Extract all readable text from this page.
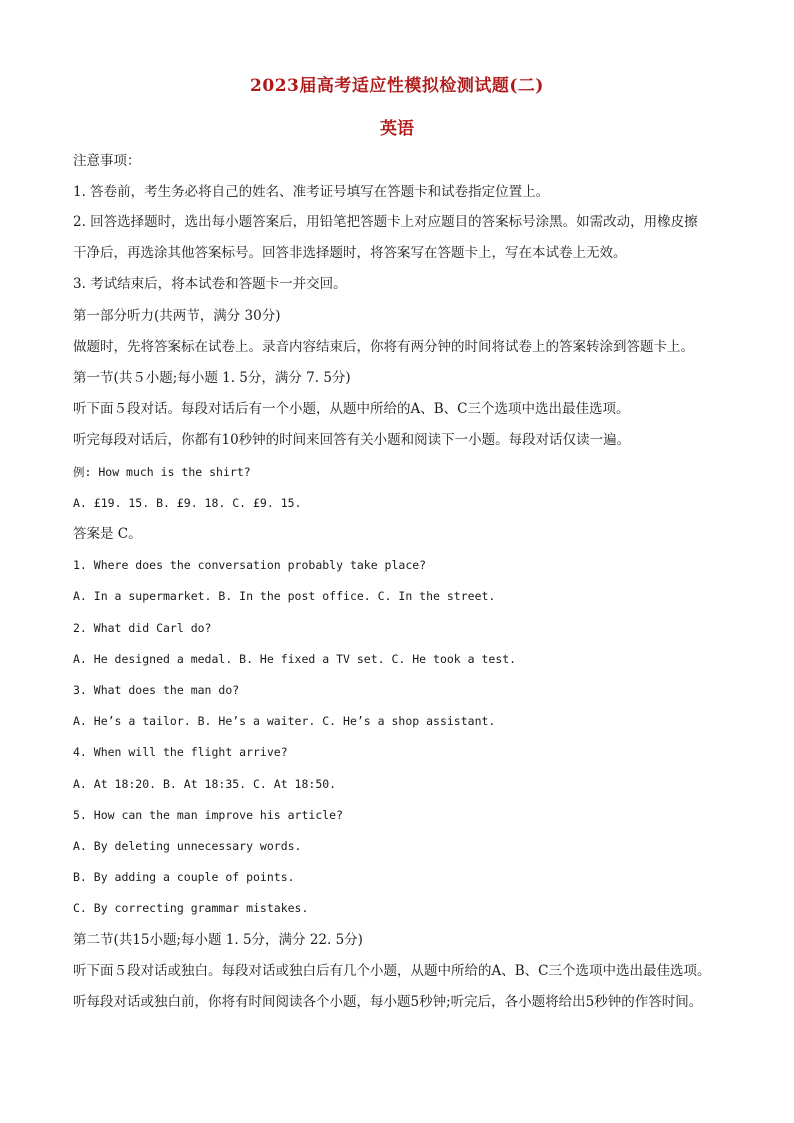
2023届高考适应性模拟检测试题(二)
英语
注意事项：
1. 答卷前，考生务必将自己的姓名、准考证号填写在答题卡和试卷指定位置上。
2. 回答选择题时，选出每小题答案后，用铅笔把答题卡上对应题目的答案标号涂黑。如需改动，用橡皮擦
干净后，再选涂其他答案标号。回答非选择题时，将答案写在答题卡上，写在本试卷上无效。
3. 考试结束后，将本试卷和答题卡一并交回。
第一部分听力(共两节，满分 30分)
做题时，先将答案标在试卷上。录音内容结束后，你将有两分钟的时间将试卷上的答案转涂到答题卡上。
第一节(共５小题;每小题 1. 5分，满分 7. 5分)
听下面５段对话。每段对话后有一个小题，从题中所给的A、B、C三个选项中选出最佳选项。
听完每段对话后，你都有10秒钟的时间来回答有关小题和阅读下一小题。每段对话仅读一遍。
例: How much is the shirt?
A. £19. 15. B. £9. 18. C. £9. 15.
答案是 C。
1. Where does the conversation probably take place?
A. In a supermarket. B. In the post office. C. In the street.
2. What did Carl do?
A. He designed a medal. B. He fixed a TV set. C. He took a test.
3. What does the man do?
A. He’s a tailor. B. He’s a waiter. C. He’s a shop assistant.
4. When will the flight arrive?
A. At 18:20. B. At 18:35. C. At 18:50.
5. How can the man improve his article?
A. By deleting unnecessary words.
B. By adding a couple of points.
C. By correcting grammar mistakes.
第二节(共15小题;每小题 1. 5分，满分 22. 5分)
听下面５段对话或独白。每段对话或独白后有几个小题，从题中所给的A、B、C三个选项中选出最佳选项。
听每段对话或独白前，你将有时间阅读各个小题，每小题5秒钟;听完后，各小题将给出5秒钟的作答时间。
